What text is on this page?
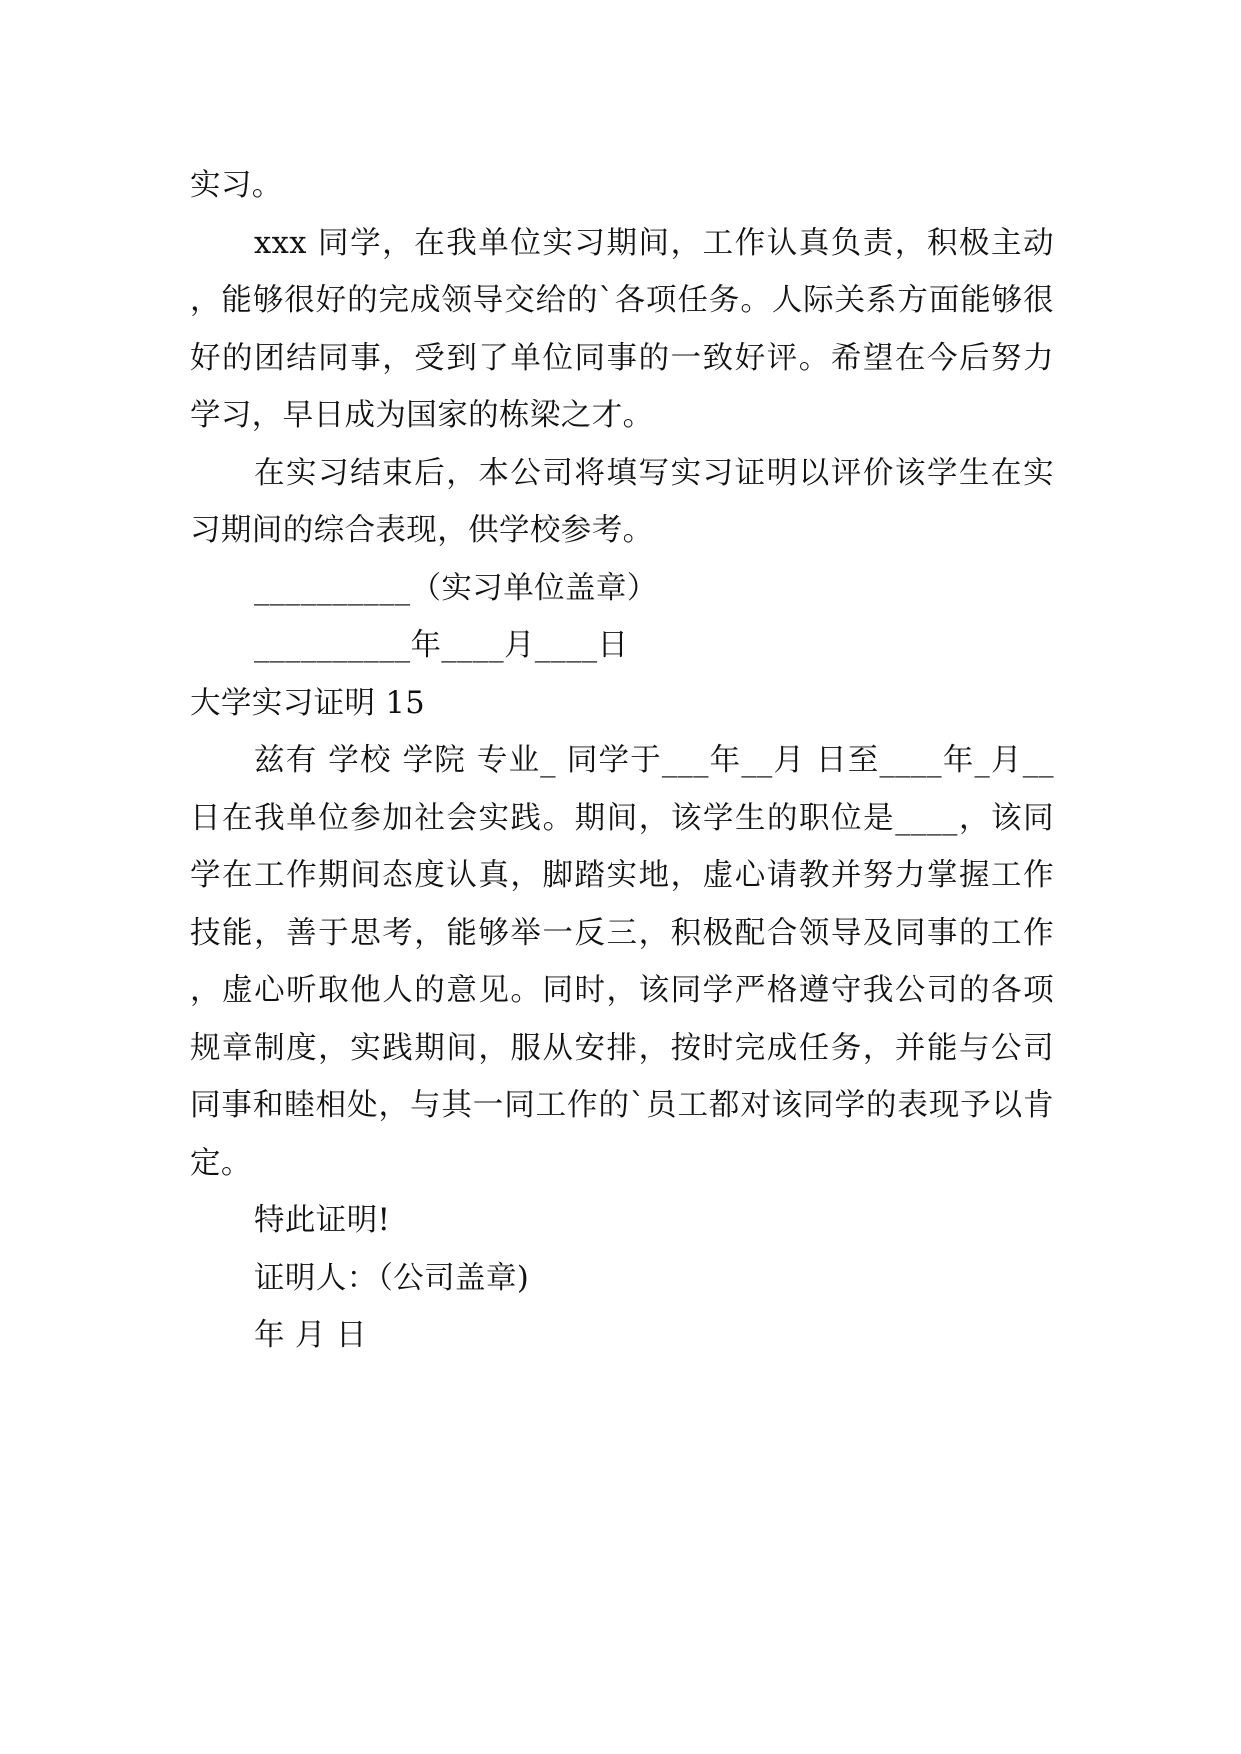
实习。

xxx 同学，在我单位实习期间，工作认真负责，积极主动，能够很好的完成领导交给的`各项任务。人际关系方面能够很好的团结同事，受到了单位同事的一致好评。希望在今后努力学习，早日成为国家的栋梁之才。

在实习结束后，本公司将填写实习证明以评价该学生在实习期间的综合表现，供学校参考。

__________（实习单位盖章）

__________年____月____日

大学实习证明 15

兹有 学校 学院 专业_ 同学于___年__月 日至____年_月__日在我单位参加社会实践。期间，该学生的职位是____，该同学在工作期间态度认真，脚踏实地，虚心请教并努力掌握工作技能，善于思考，能够举一反三，积极配合领导及同事的工作，虚心听取他人的意见。同时，该同学严格遵守我公司的各项规章制度，实践期间，服从安排，按时完成任务，并能与公司同事和睦相处，与其一同工作的`员工都对该同学的表现予以肯定。

特此证明!

证明人：（公司盖章)

年 月 日
